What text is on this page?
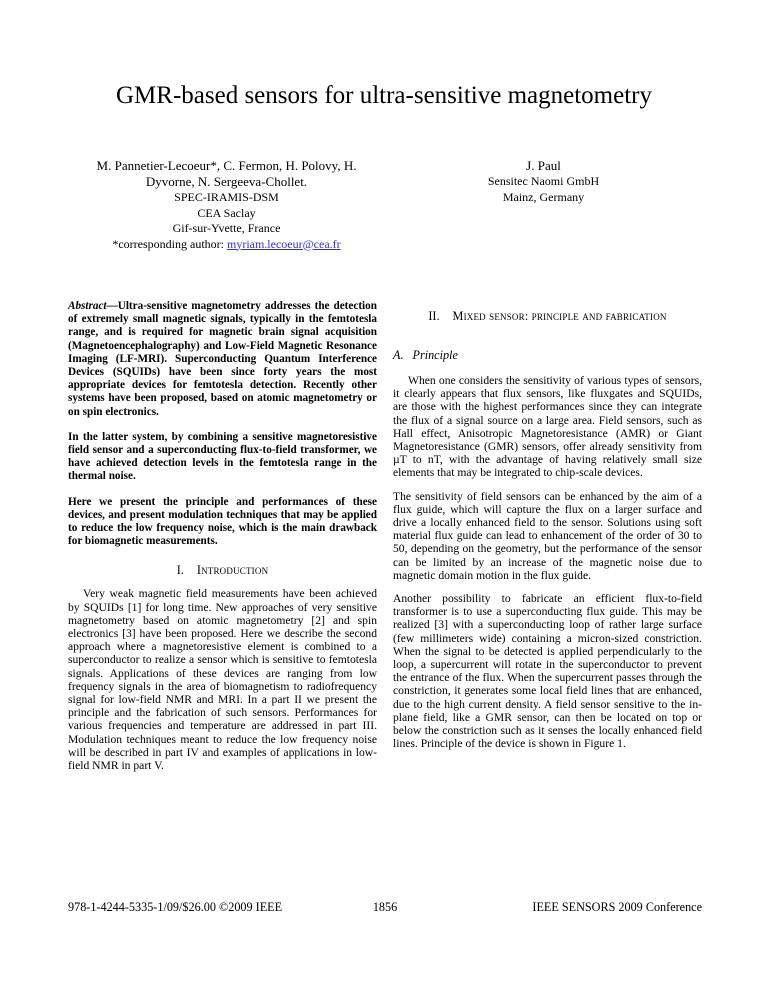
GMR-based sensors for ultra-sensitive magnetometry
M. Pannetier-Lecoeur*, C. Fermon, H. Polovy, H.
Dyvorne, N. Sergeeva-Chollet.
SPEC-IRAMIS-DSM
CEA Saclay
Gif-sur-Yvette, France
*corresponding author: myriam.lecoeur@cea.fr
J. Paul
Sensitec Naomi GmbH
Mainz, Germany

Abstract—Ultra-sensitive magnetometry addresses the detection of extremely small magnetic signals, typically in the femtotesla range, and is required for magnetic brain signal acquisition (Magnetoencephalography) and Low-Field Magnetic Resonance Imaging (LF-MRI). Superconducting Quantum Interference Devices (SQUIDs) have been since forty years the most appropriate devices for femtotesla detection. Recently other systems have been proposed, based on atomic magnetometry or on spin electronics.

In the latter system, by combining a sensitive magnetoresistive field sensor and a superconducting flux-to-field transformer, we have achieved detection levels in the femtotesla range in the thermal noise.

Here we present the principle and performances of these devices, and present modulation techniques that may be applied to reduce the low frequency noise, which is the main drawback for biomagnetic measurements.

I. Introduction

Very weak magnetic field measurements have been achieved by SQUIDs [1] for long time. New approaches of very sensitive magnetometry based on atomic magnetometry [2] and spin electronics [3] have been proposed. Here we describe the second approach where a magnetoresistive element is combined to a superconductor to realize a sensor which is sensitive to femtotesla signals. Applications of these devices are ranging from low frequency signals in the area of biomagnetism to radiofrequency signal for low-field NMR and MRI. In a part II we present the principle and the fabrication of such sensors. Performances for various frequencies and temperature are addressed in part III. Modulation techniques meant to reduce the low frequency noise will be described in part IV and examples of applications in low-field NMR in part V.

II. Mixed sensor: principle and fabrication
A. Principle

When one considers the sensitivity of various types of sensors, it clearly appears that flux sensors, like fluxgates and SQUIDs, are those with the highest performances since they can integrate the flux of a signal source on a large area. Field sensors, such as Hall effect, Anisotropic Magnetoresistance (AMR) or Giant Magnetoresistance (GMR) sensors, offer already sensitivity from µT to nT, with the advantage of having relatively small size elements that may be integrated to chip-scale devices.

The sensitivity of field sensors can be enhanced by the aim of a flux guide, which will capture the flux on a larger surface and drive a locally enhanced field to the sensor. Solutions using soft material flux guide can lead to enhancement of the order of 30 to 50, depending on the geometry, but the performance of the sensor can be limited by an increase of the magnetic noise due to magnetic domain motion in the flux guide.

Another possibility to fabricate an efficient flux-to-field transformer is to use a superconducting flux guide. This may be realized [3] with a superconducting loop of rather large surface (few millimeters wide) containing a micron-sized constriction. When the signal to be detected is applied perpendicularly to the loop, a supercurrent will rotate in the superconductor to prevent the entrance of the flux. When the supercurrent passes through the constriction, it generates some local field lines that are enhanced, due to the high current density. A field sensor sensitive to the in-plane field, like a GMR sensor, can then be located on top or below the constriction such as it senses the locally enhanced field lines. Principle of the device is shown in Figure 1.

978-1-4244-5335-1/09/$26.00 ©2009 IEEE	1856	IEEE SENSORS 2009 Conference
